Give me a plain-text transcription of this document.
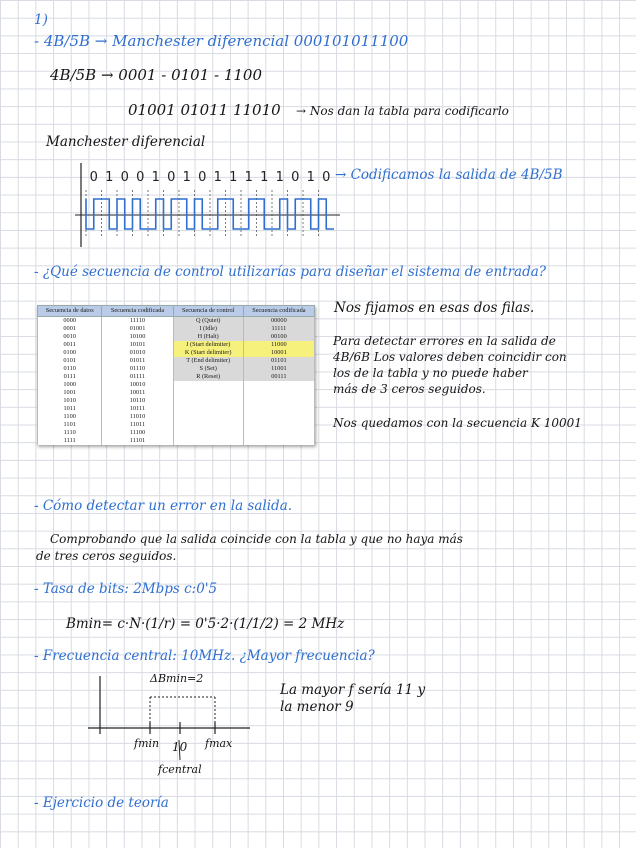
1)
- 4B/5B → Manchester diferencial 000101011100
4B/5B → 0001 - 0101 - 1100
01001 01011 11010 → Nos dan la tabla para codificarlo
Manchester diferencial
→ Codificamos la salida de 4B/5B
0 1 0 0 1 0 1 0 1 1 1 1 1 0 1 0
- ¿Qué secuencia de control utilizarías para diseñar el sistema de entrada?
Secuencia de datos	Secuencia codificada	Secuencia de control	Secuencia codificada
0000	11110	Q (Quiet)	00000
0001	01001	I (Idle)	11111
0010	10100	H (Halt)	00100
0011	10101	J (Start delimiter)	11000
0100	01010	K (Start delimiter)	10001
0101	01011	T (End delimiter)	01101
0110	01110	S (Set)	11001
0111	01111	R (Reset)	00111
1000	10010		
1001	10011		
1010	10110		
1011	10111		
1100	11010		
1101	11011		
1110	11100		
1111	11101		
Nos fijamos en esas dos filas.
Para detectar errores en la salida de
4B/6B Los valores deben coincidir con
los de la tabla y no puede haber
más de 3 ceros seguidos.
Nos quedamos con la secuencia K 10001
- Cómo detectar un error en la salida.
Comprobando que la salida coincide con la tabla y que no haya más
de tres ceros seguidos.
- Tasa de bits: 2Mbps c:0'5
Bmin= c·N·(1/r) = 0'5·2·(1/1/2) = 2 MHz
- Frecuencia central: 10MHz. ¿Mayor frecuencia?
ΔBmin=2
fmin 10 fmax
fcentral
La mayor f sería 11 y
la menor 9
- Ejercicio de teoría
